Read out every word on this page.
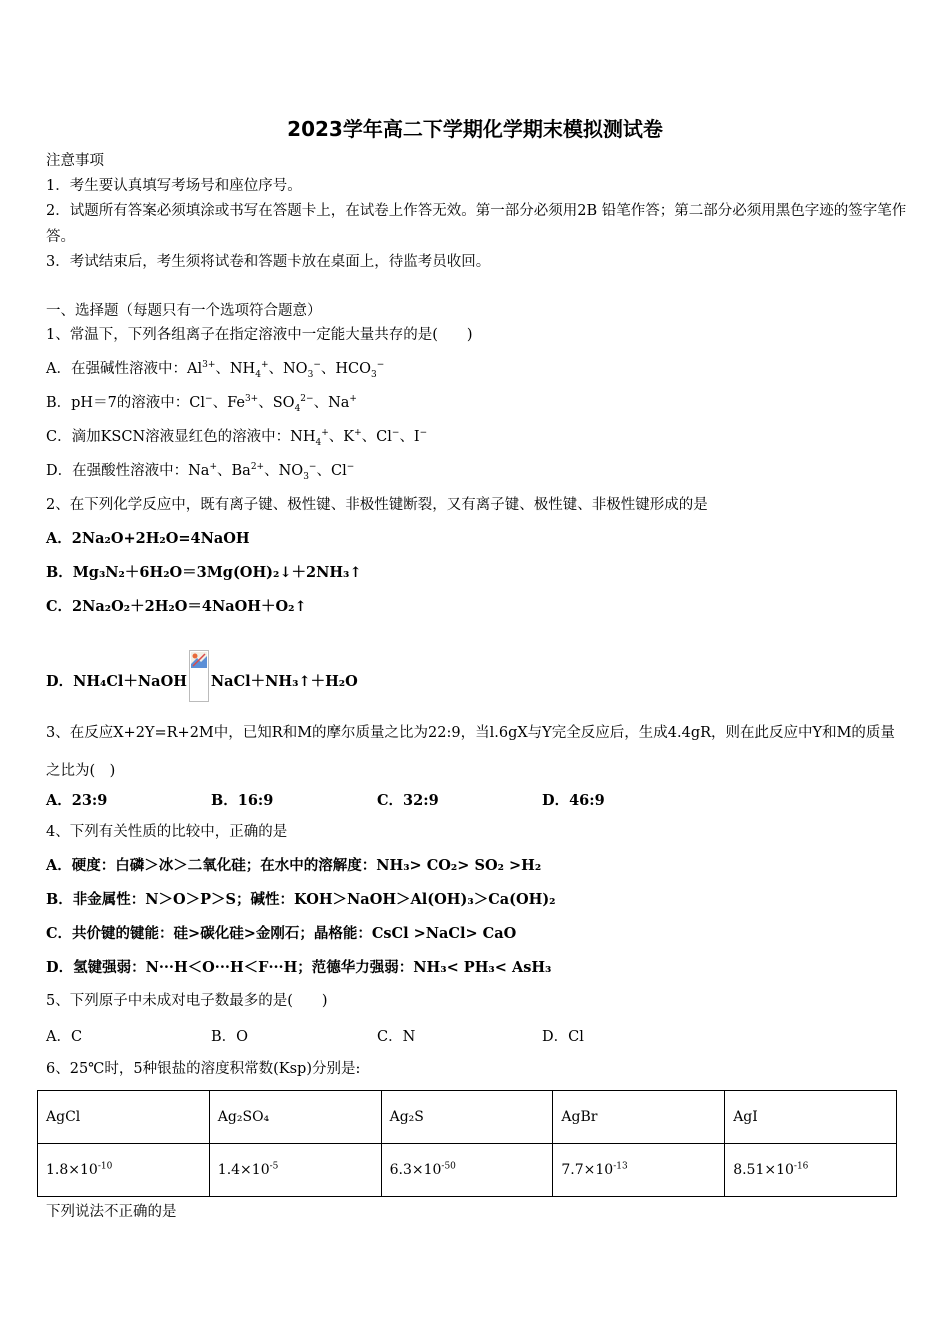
2023学年高二下学期化学期末模拟测试卷
注意事项
1．考生要认真填写考场号和座位序号。
2．试题所有答案必须填涂或书写在答题卡上，在试卷上作答无效。第一部分必须用2B 铅笔作答；第二部分必须用黑色字迹的签字笔作答。
3．考试结束后，考生须将试卷和答题卡放在桌面上，待监考员收回。
一、选择题（每题只有一个选项符合题意）
1、常温下，下列各组离子在指定溶液中一定能大量共存的是(　　)
A．在强碱性溶液中：$Al^{3+}$、$NH_4^+$、$NO_3^-$、$HCO_3^-$
B．pH＝7的溶液中：Cl−、$Fe^{3+}$、$SO_4^{2-}$、Na+
C．滴加KSCN溶液显红色的溶液中：$NH_4^+$、K+、Cl−、I−
D．在强酸性溶液中：Na+、$Ba^{2+}$、$NO_3^-$、Cl−
2、在下列化学反应中，既有离子键、极性键、非极性键断裂，又有离子键、极性键、非极性键形成的是
A．2Na₂O+2H₂O=4NaOH
B．Mg₃N₂＋6H₂O＝3Mg(OH)₂↓＋2NH₃↑
C．2Na₂O₂＋2H₂O＝4NaOH＋O₂↑
D．NH₄Cl＋NaOH NaCl＋NH₃↑＋H₂O
3、在反应X+2Y=R+2M中，已知R和M的摩尔质量之比为22:9，当l.6gX与Y完全反应后，生成4.4gR，则在此反应中Y和M的质量之比为(　)
A．23:9	B．16:9	C．32:9	D．46:9
4、下列有关性质的比较中，正确的是
A．硬度：白磷＞冰＞二氧化硅；在水中的溶解度：NH₃> CO₂> SO₂ >H₂
B．非金属性：N＞O＞P＞S；碱性：KOH＞NaOH＞Al(OH)₃＞Ca(OH)₂
C．共价键的键能：硅>碳化硅>金刚石；晶格能：CsCl >NaCl> CaO
D．氢键强弱：N···H＜O···H＜F···H；范德华力强弱：NH₃< PH₃< AsH₃
5、下列原子中未成对电子数最多的是(　　)
A．C	B．O	C．N	D．Cl
6、25℃时，5种银盐的溶度积常数(Ksp)分别是:
AgCl	Ag₂SO₄	Ag₂S	AgBr	AgI
$1.8\times 10^{-10}$	$1.4\times 10^{-5}$	$6.3\times 10^{-50}$	$7.7\times 10^{-13}$	$8.51\times 10^{-16}$
下列说法不正确的是
